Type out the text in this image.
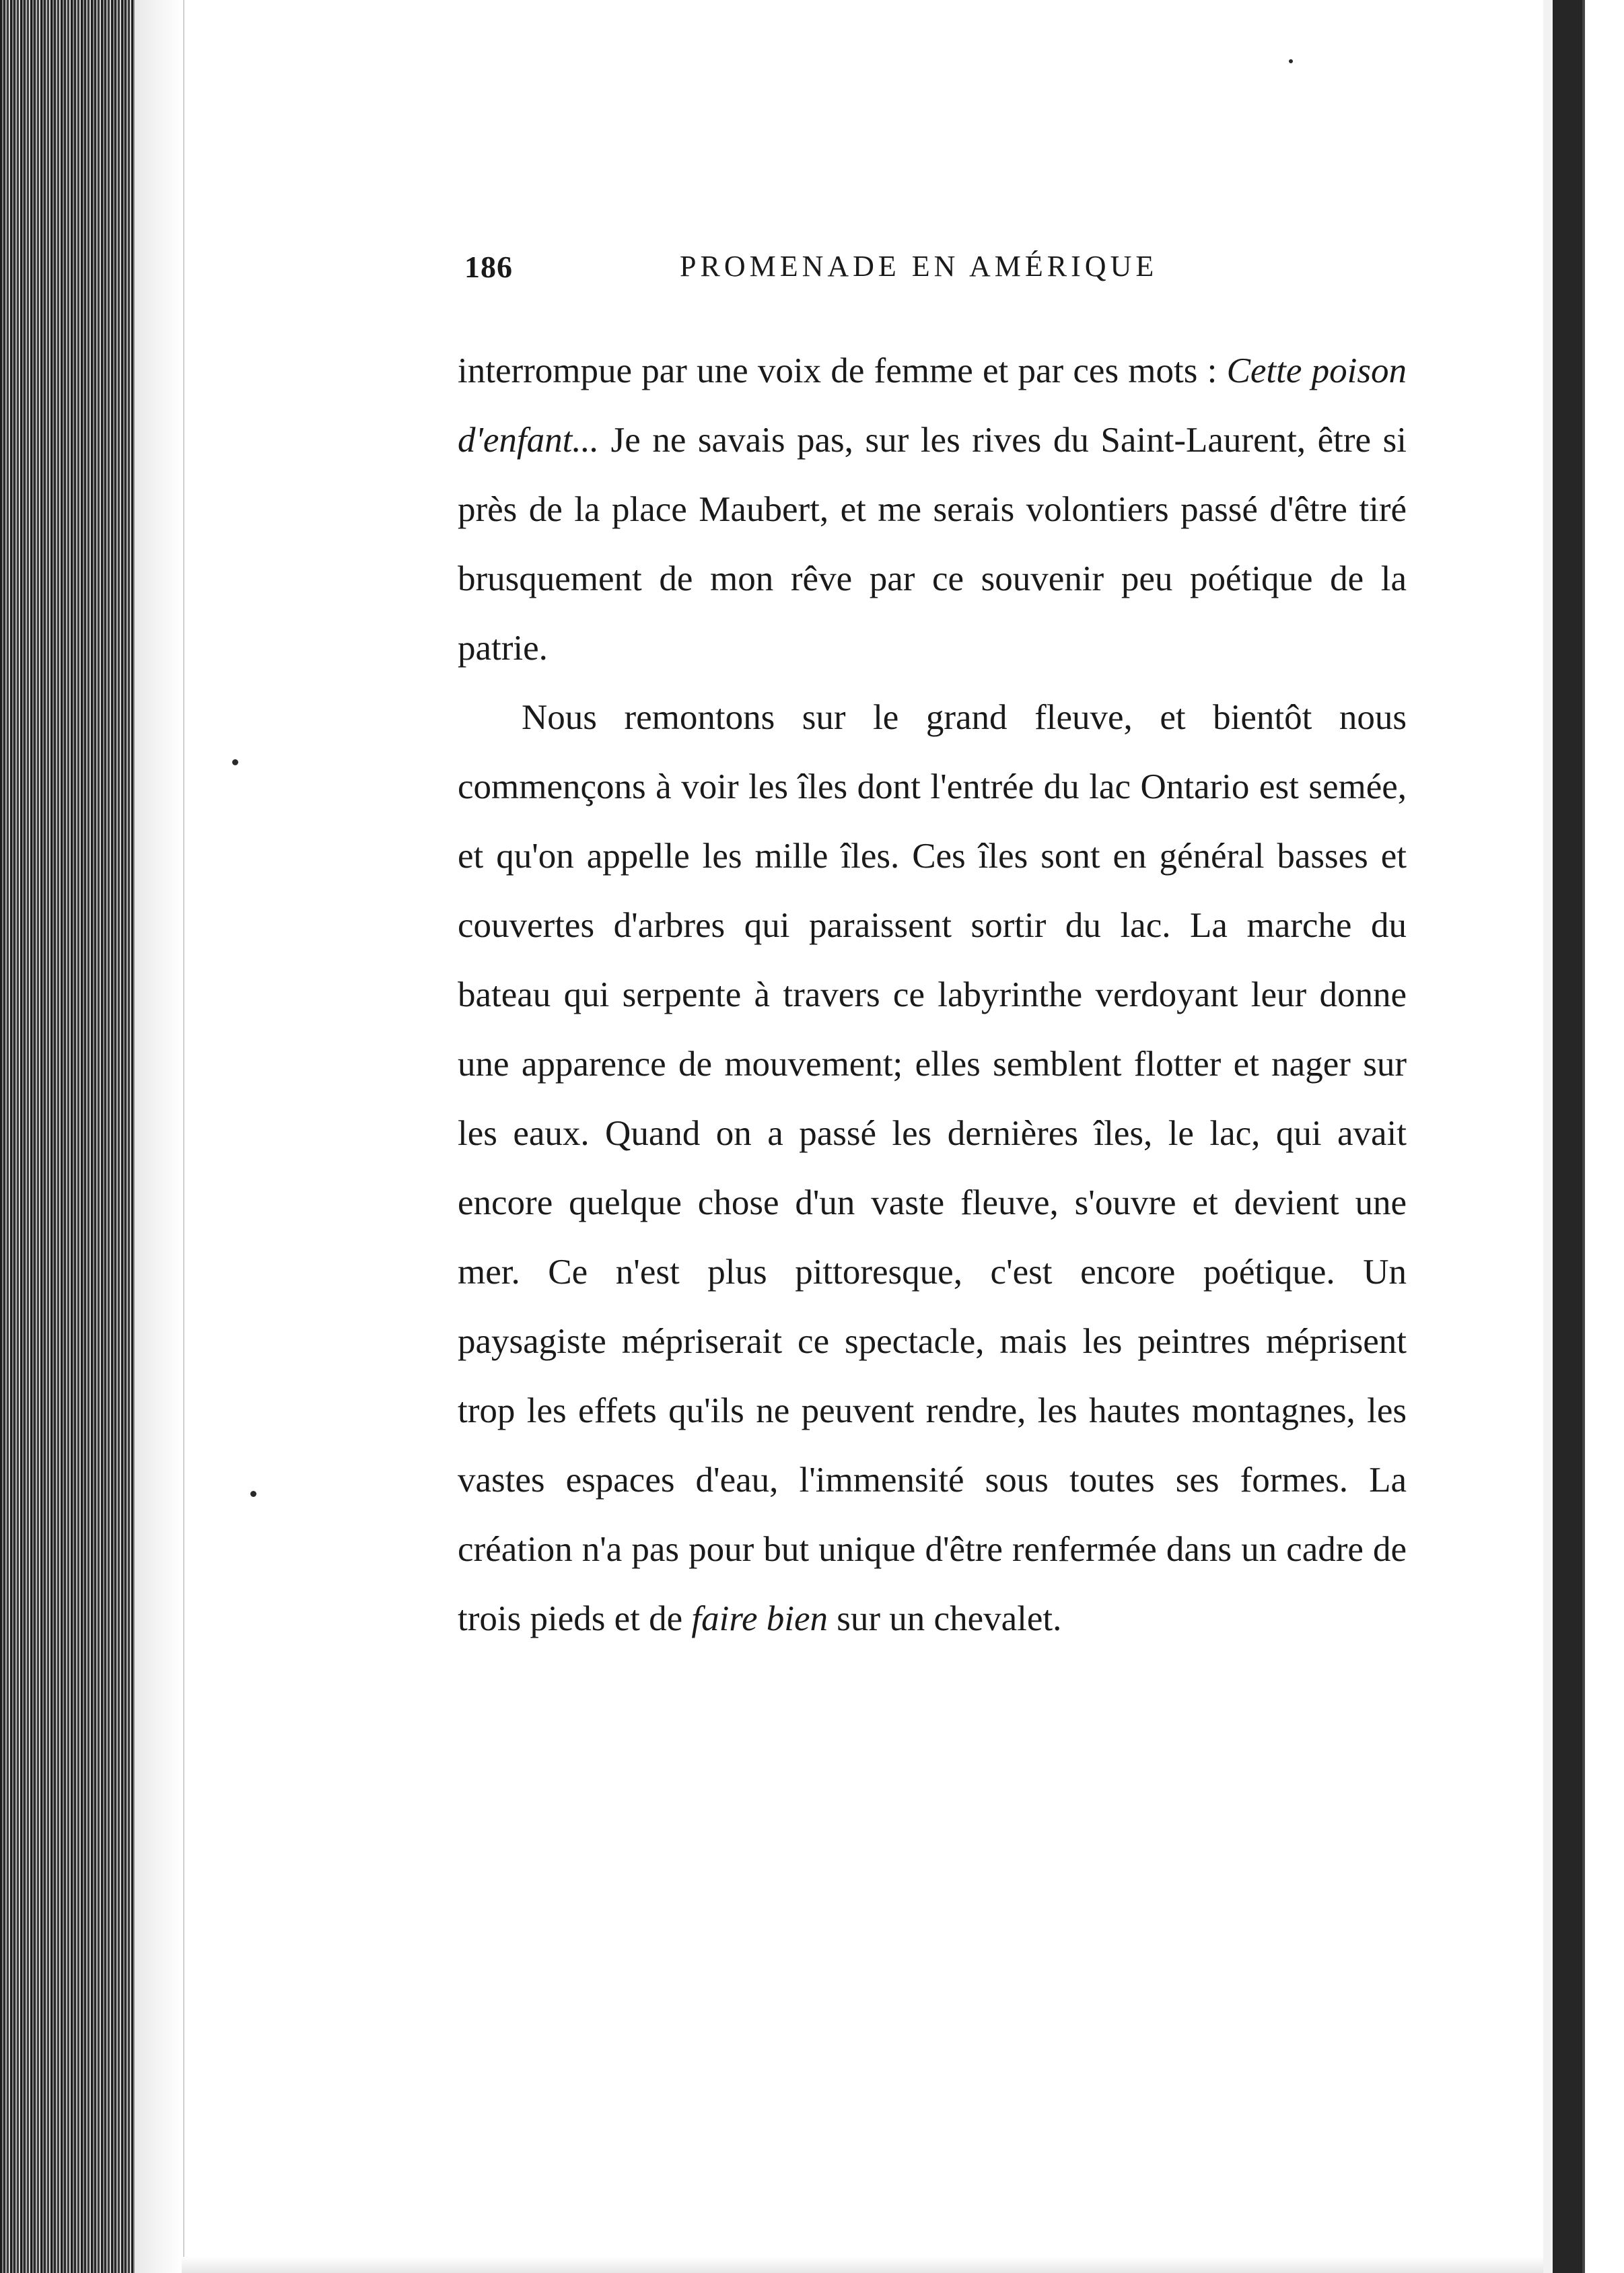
186	PROMENADE EN AMÉRIQUE

interrompue par une voix de femme et par ces mots : Cette poison d'enfant... Je ne savais pas, sur les rives du Saint-Laurent, être si près de la place Maubert, et me serais volontiers passé d'être tiré brusquement de mon rêve par ce souvenir peu poétique de la patrie.

Nous remontons sur le grand fleuve, et bientôt nous commençons à voir les îles dont l'entrée du lac Ontario est semée, et qu'on appelle les mille îles. Ces îles sont en général basses et couvertes d'arbres qui paraissent sortir du lac. La marche du bateau qui serpente à travers ce labyrinthe verdoyant leur donne une apparence de mouvement; elles semblent flotter et nager sur les eaux. Quand on a passé les dernières îles, le lac, qui avait encore quelque chose d'un vaste fleuve, s'ouvre et devient une mer. Ce n'est plus pittoresque, c'est encore poétique. Un paysagiste mépriserait ce spectacle, mais les peintres méprisent trop les effets qu'ils ne peuvent rendre, les hautes montagnes, les vastes espaces d'eau, l'immensité sous toutes ses formes. La création n'a pas pour but unique d'être renfermée dans un cadre de trois pieds et de faire bien sur un chevalet.
